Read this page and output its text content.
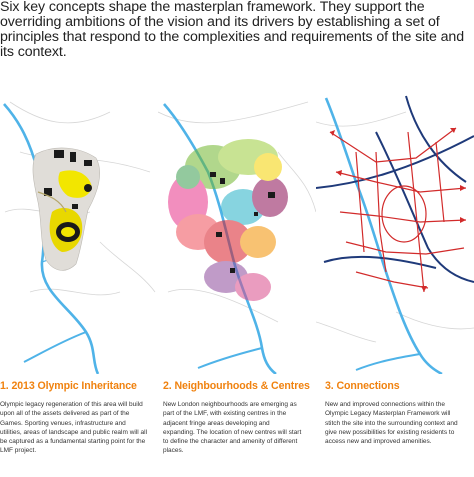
Six key concepts shape the masterplan framework. They support the overriding ambitions of the vision and its drivers by establishing a set of principles that respond to the complexities and requirements of the site and its context.

1. 2013 Olympic Inheritance

Olympic legacy regeneration of this area will build upon all of the assets delivered as part of the Games. Sporting venues, infrastructure and utilities, areas of landscape and public realm will all be captured as a fundamental starting point for the LMF project.

2. Neighbourhoods & Centres

New London neighbourhoods are emerging as part of the LMF, with existing centres in the adjacent fringe areas developing and expanding. The location of new centres will start to define the character and amenity of different places.

3. Connections

New and improved connections within the Olympic Legacy Masterplan Framework will stitch the site into the surrounding context and give new possibilities for existing residents to access new and improved amenities.
